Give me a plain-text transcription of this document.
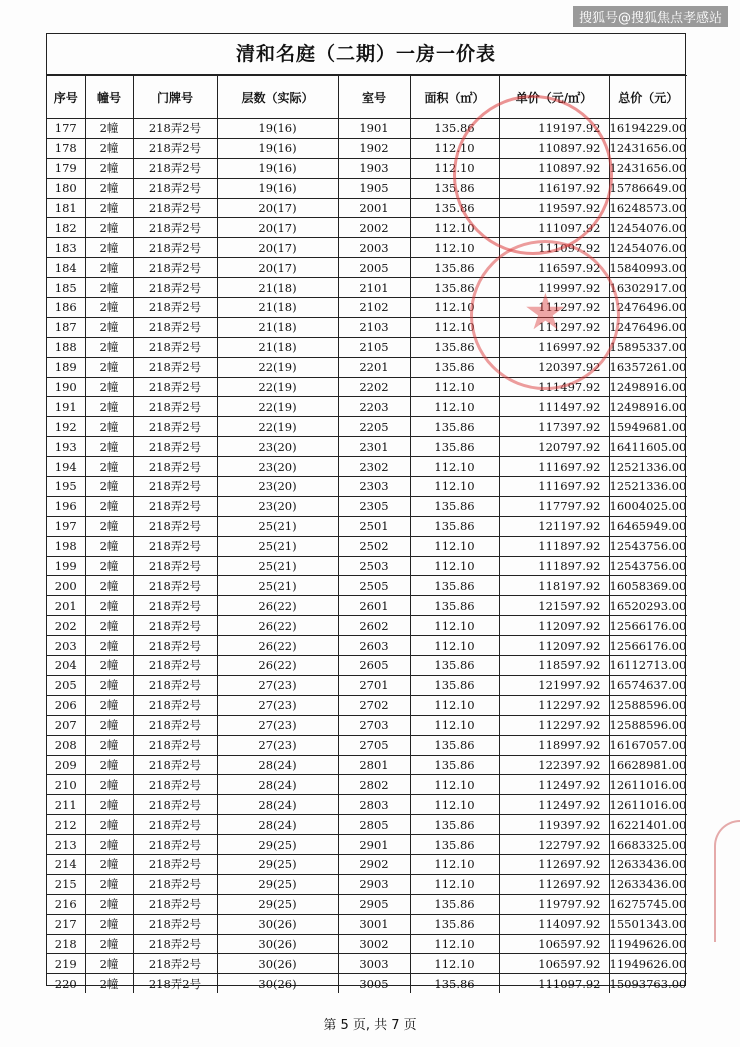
搜狐号@搜狐焦点孝感站
清和名庭（二期）一房一价表
序号	幢号	门牌号	层数（实际）	室号	面积（㎡）	单价（元/㎡）	总价（元）
177	2幢	218弄2号	19(16)	1901	135.86	119197.92	16194229.00
178	2幢	218弄2号	19(16)	1902	112.10	110897.92	12431656.00
179	2幢	218弄2号	19(16)	1903	112.10	110897.92	12431656.00
180	2幢	218弄2号	19(16)	1905	135.86	116197.92	15786649.00
181	2幢	218弄2号	20(17)	2001	135.86	119597.92	16248573.00
182	2幢	218弄2号	20(17)	2002	112.10	111097.92	12454076.00
183	2幢	218弄2号	20(17)	2003	112.10	111097.92	12454076.00
184	2幢	218弄2号	20(17)	2005	135.86	116597.92	15840993.00
185	2幢	218弄2号	21(18)	2101	135.86	119997.92	16302917.00
186	2幢	218弄2号	21(18)	2102	112.10	111297.92	12476496.00
187	2幢	218弄2号	21(18)	2103	112.10	111297.92	12476496.00
188	2幢	218弄2号	21(18)	2105	135.86	116997.92	15895337.00
189	2幢	218弄2号	22(19)	2201	135.86	120397.92	16357261.00
190	2幢	218弄2号	22(19)	2202	112.10	111497.92	12498916.00
191	2幢	218弄2号	22(19)	2203	112.10	111497.92	12498916.00
192	2幢	218弄2号	22(19)	2205	135.86	117397.92	15949681.00
193	2幢	218弄2号	23(20)	2301	135.86	120797.92	16411605.00
194	2幢	218弄2号	23(20)	2302	112.10	111697.92	12521336.00
195	2幢	218弄2号	23(20)	2303	112.10	111697.92	12521336.00
196	2幢	218弄2号	23(20)	2305	135.86	117797.92	16004025.00
197	2幢	218弄2号	25(21)	2501	135.86	121197.92	16465949.00
198	2幢	218弄2号	25(21)	2502	112.10	111897.92	12543756.00
199	2幢	218弄2号	25(21)	2503	112.10	111897.92	12543756.00
200	2幢	218弄2号	25(21)	2505	135.86	118197.92	16058369.00
201	2幢	218弄2号	26(22)	2601	135.86	121597.92	16520293.00
202	2幢	218弄2号	26(22)	2602	112.10	112097.92	12566176.00
203	2幢	218弄2号	26(22)	2603	112.10	112097.92	12566176.00
204	2幢	218弄2号	26(22)	2605	135.86	118597.92	16112713.00
205	2幢	218弄2号	27(23)	2701	135.86	121997.92	16574637.00
206	2幢	218弄2号	27(23)	2702	112.10	112297.92	12588596.00
207	2幢	218弄2号	27(23)	2703	112.10	112297.92	12588596.00
208	2幢	218弄2号	27(23)	2705	135.86	118997.92	16167057.00
209	2幢	218弄2号	28(24)	2801	135.86	122397.92	16628981.00
210	2幢	218弄2号	28(24)	2802	112.10	112497.92	12611016.00
211	2幢	218弄2号	28(24)	2803	112.10	112497.92	12611016.00
212	2幢	218弄2号	28(24)	2805	135.86	119397.92	16221401.00
213	2幢	218弄2号	29(25)	2901	135.86	122797.92	16683325.00
214	2幢	218弄2号	29(25)	2902	112.10	112697.92	12633436.00
215	2幢	218弄2号	29(25)	2903	112.10	112697.92	12633436.00
216	2幢	218弄2号	29(25)	2905	135.86	119797.92	16275745.00
217	2幢	218弄2号	30(26)	3001	135.86	114097.92	15501343.00
218	2幢	218弄2号	30(26)	3002	112.10	106597.92	11949626.00
219	2幢	218弄2号	30(26)	3003	112.10	106597.92	11949626.00
220	2幢	218弄2号	30(26)	3005	135.86	111097.92	15093763.00
★
第 5 页, 共 7 页
